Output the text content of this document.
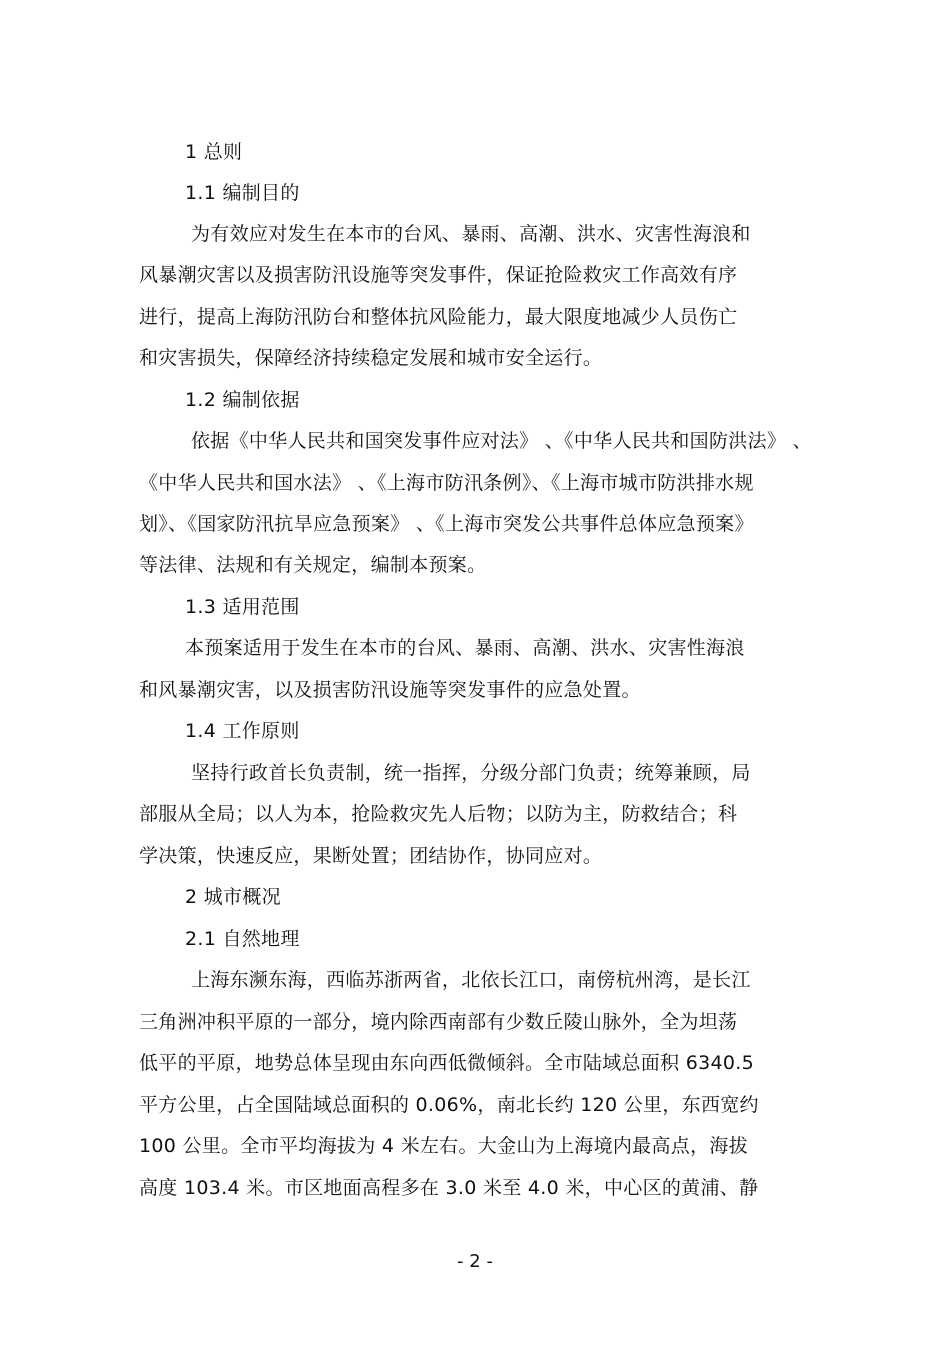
1 总则
1.1 编制目的
为有效应对发生在本市的台风、暴雨、高潮、洪水、灾害性海浪和
风暴潮灾害以及损害防汛设施等突发事件，保证抢险救灾工作高效有序
进行，提高上海防汛防台和整体抗风险能力，最大限度地减少人员伤亡
和灾害损失，保障经济持续稳定发展和城市安全运行。
1.2 编制依据
依据《中华人民共和国突发事件应对法》 、《中华人民共和国防洪法》 、
《中华人民共和国水法》 、《上海市防汛条例》、《上海市城市防洪排水规
划》、《国家防汛抗旱应急预案》 、《上海市突发公共事件总体应急预案》
等法律、法规和有关规定，编制本预案。
1.3 适用范围
本预案适用于发生在本市的台风、暴雨、高潮、洪水、灾害性海浪
和风暴潮灾害，以及损害防汛设施等突发事件的应急处置。
1.4 工作原则
坚持行政首长负责制，统一指挥，分级分部门负责；统筹兼顾，局
部服从全局；以人为本，抢险救灾先人后物；以防为主，防救结合；科
学决策，快速反应，果断处置；团结协作，协同应对。
2 城市概况
2.1 自然地理
上海东濒东海，西临苏浙两省，北依长江口，南傍杭州湾，是长江
三角洲冲积平原的一部分，境内除西南部有少数丘陵山脉外，全为坦荡
低平的平原，地势总体呈现由东向西低微倾斜。全市陆域总面积 6340.5
平方公里，占全国陆域总面积的 0.06%，南北长约 120 公里，东西宽约
100 公里。全市平均海拔为 4 米左右。大金山为上海境内最高点，海拔
高度 103.4 米。市区地面高程多在 3.0 米至 4.0 米，中心区的黄浦、静
- 2 -
